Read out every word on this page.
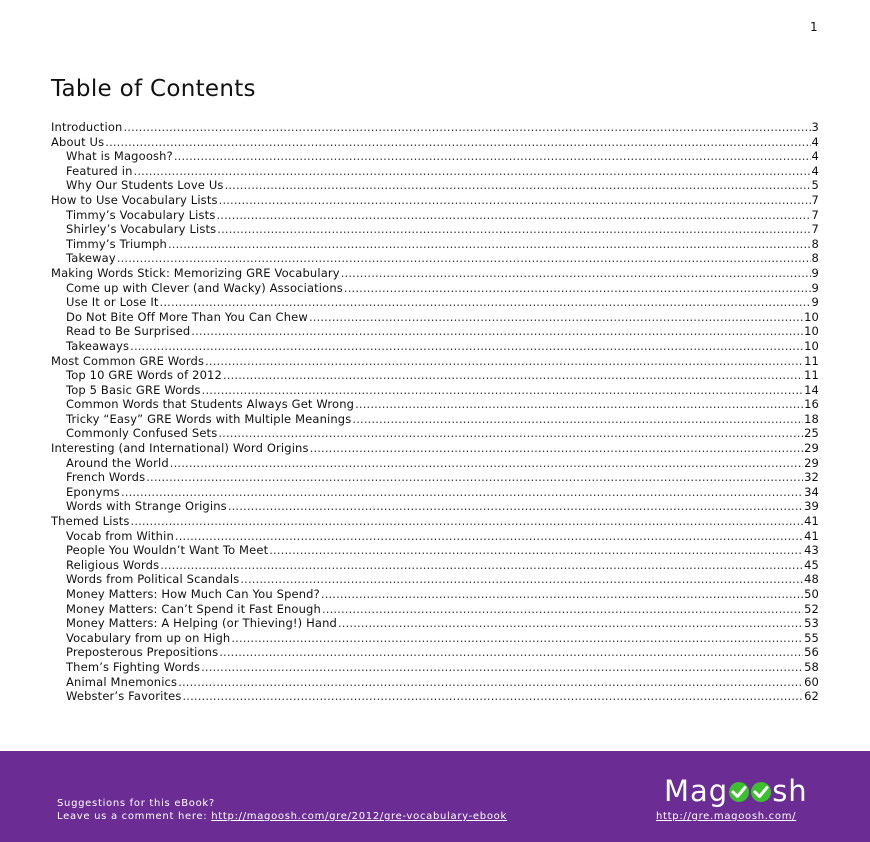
1
Table of Contents
Introduction .....	3
About Us .....	4
What is Magoosh? .....	4
Featured in .....	4
Why Our Students Love Us .....	5
How to Use Vocabulary Lists .....	7
Timmy’s Vocabulary Lists .....	7
Shirley’s Vocabulary Lists .....	7
Timmy’s Triumph .....	8
Takeway .....	8
Making Words Stick: Memorizing GRE Vocabulary .....	9
Come up with Clever (and Wacky) Associations .....	9
Use It or Lose It .....	9
Do Not Bite Off More Than You Can Chew .....	10
Read to Be Surprised .....	10
Takeaways .....	10
Most Common GRE Words .....	11
Top 10 GRE Words of 2012 .....	11
Top 5 Basic GRE Words .....	14
Common Words that Students Always Get Wrong .....	16
Tricky “Easy” GRE Words with Multiple Meanings .....	18
Commonly Confused Sets .....	25
Interesting (and International) Word Origins .....	29
Around the World .....	29
French Words .....	32
Eponyms .....	34
Words with Strange Origins .....	39
Themed Lists .....	41
Vocab from Within .....	41
People You Wouldn’t Want To Meet .....	43
Religious Words .....	45
Words from Political Scandals .....	48
Money Matters: How Much Can You Spend? .....	50
Money Matters: Can’t Spend it Fast Enough .....	52
Money Matters: A Helping (or Thieving!) Hand .....	53
Vocabulary from up on High .....	55
Preposterous Prepositions .....	56
Them’s Fighting Words .....	58
Animal Mnemonics .....	60
Webster’s Favorites .....	62
Suggestions for this eBook?
Leave us a comment here: http://magoosh.com/gre/2012/gre-vocabulary-ebook
Mag sh
http://gre.magoosh.com/
